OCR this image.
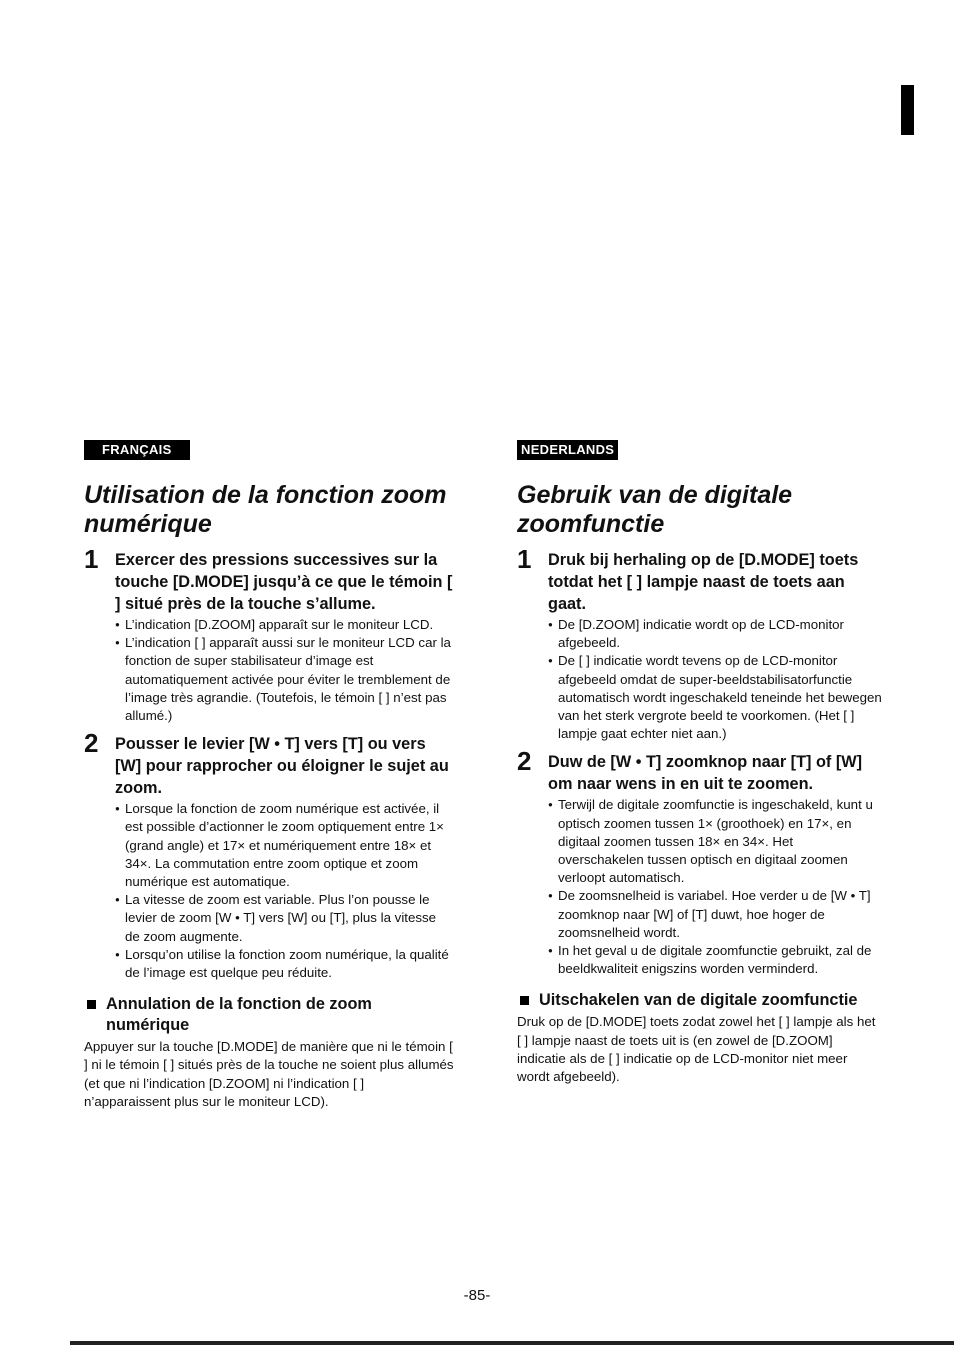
FRANÇAIS
Utilisation de la fonction zoom numérique
1 Exercer des pressions successives sur la touche [D.MODE] jusqu’à ce que le témoin [ ] situé près de la touche s’allume.
● L’indication [D.ZOOM] apparaît sur le moniteur LCD.
● L’indication [ ] apparaît aussi sur le moniteur LCD car la fonction de super stabilisateur d’image est automatiquement activée pour éviter le tremblement de l’image très agrandie. (Toutefois, le témoin [ ] n’est pas allumé.)
2 Pousser le levier [W • T] vers [T] ou vers [W] pour rapprocher ou éloigner le sujet au zoom.
● Lorsque la fonction de zoom numérique est activée, il est possible d’actionner le zoom optiquement entre 1× (grand angle) et 17× et numériquement entre 18× et 34×. La commutation entre zoom optique et zoom numérique est automatique.
● La vitesse de zoom est variable. Plus l’on pousse le levier de zoom [W • T] vers [W] ou [T], plus la vitesse de zoom augmente.
● Lorsqu’on utilise la fonction zoom numérique, la qualité de l’image est quelque peu réduite.
Annulation de la fonction de zoom numérique
Appuyer sur la touche [D.MODE] de manière que ni le témoin [ ] ni le témoin [ ] situés près de la touche ne soient plus allumés (et que ni l’indication [D.ZOOM] ni l’indication [ ] n’apparaissent plus sur le moniteur LCD).
NEDERLANDS
Gebruik van de digitale zoomfunctie
1 Druk bij herhaling op de [D.MODE] toets totdat het [ ] lampje naast de toets aan gaat.
● De [D.ZOOM] indicatie wordt op de LCD-monitor afgebeeld.
● De [ ] indicatie wordt tevens op de LCD-monitor afgebeeld omdat de super-beeldstabilisatorfunctie automatisch wordt ingeschakeld teneinde het bewegen van het sterk vergrote beeld te voorkomen. (Het [ ] lampje gaat echter niet aan.)
2 Duw de [W • T] zoomknop naar [T] of [W] om naar wens in en uit te zoomen.
● Terwijl de digitale zoomfunctie is ingeschakeld, kunt u optisch zoomen tussen 1× (groothoek) en 17×, en digitaal zoomen tussen 18× en 34×. Het overschakelen tussen optisch en digitaal zoomen verloopt automatisch.
● De zoomsnelheid is variabel. Hoe verder u de [W • T] zoomknop naar [W] of [T] duwt, hoe hoger de zoomsnelheid wordt.
● In het geval u de digitale zoomfunctie gebruikt, zal de beeldkwaliteit enigszins worden verminderd.
Uitschakelen van de digitale zoomfunctie
Druk op de [D.MODE] toets zodat zowel het [ ] lampje als het [ ] lampje naast de toets uit is (en zowel de [D.ZOOM] indicatie als de [ ] indicatie op de LCD-monitor niet meer wordt afgebeeld).
-85-
